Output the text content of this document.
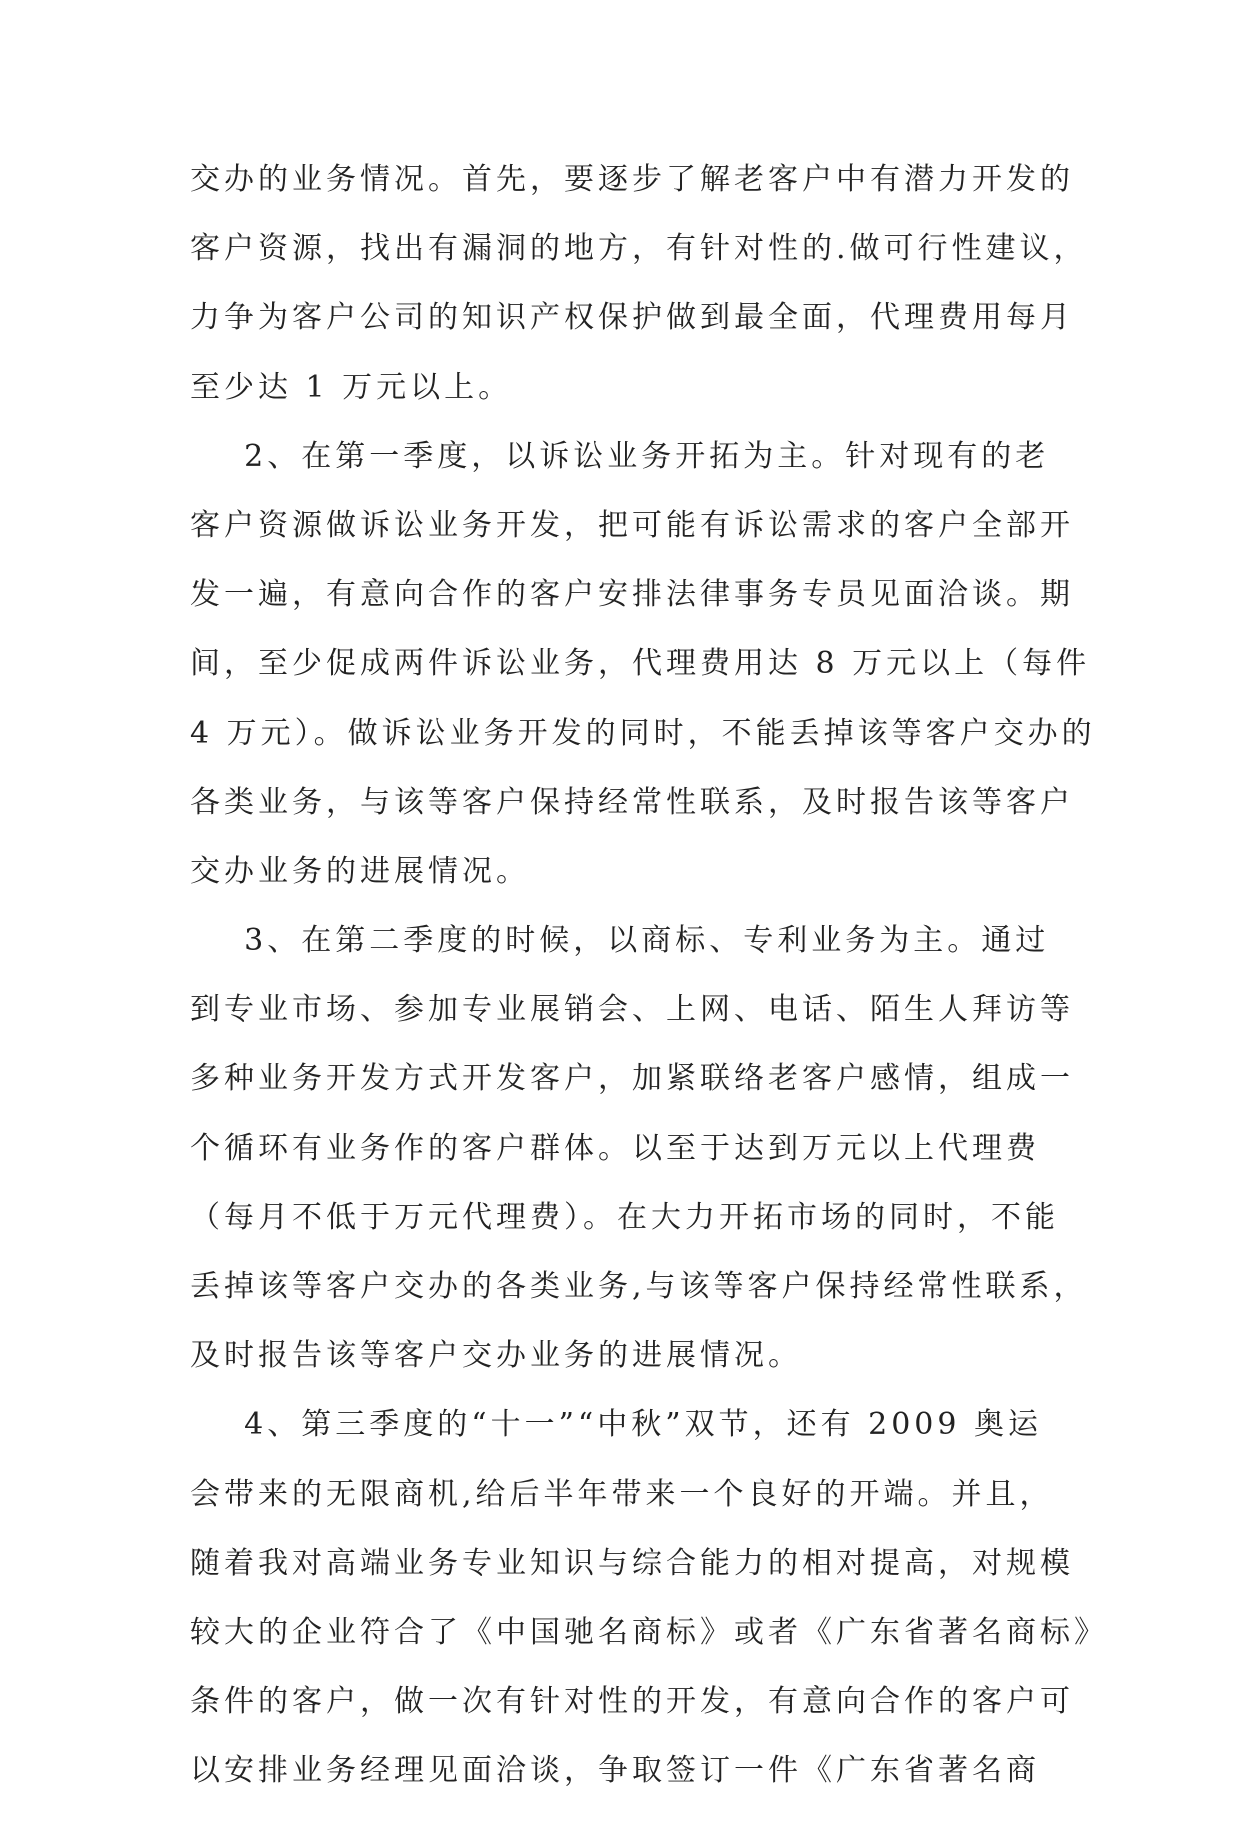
交办的业务情况。首先，要逐步了解老客户中有潜力开发的
客户资源，找出有漏洞的地方，有针对性的.做可行性建议，
力争为客户公司的知识产权保护做到最全面，代理费用每月
至少达 1 万元以上。
2、在第一季度，以诉讼业务开拓为主。针对现有的老
客户资源做诉讼业务开发，把可能有诉讼需求的客户全部开
发一遍，有意向合作的客户安排法律事务专员见面洽谈。期
间，至少促成两件诉讼业务，代理费用达 8 万元以上（每件
4 万元）。做诉讼业务开发的同时，不能丢掉该等客户交办的
各类业务，与该等客户保持经常性联系，及时报告该等客户
交办业务的进展情况。
3、在第二季度的时候，以商标、专利业务为主。通过
到专业市场、参加专业展销会、上网、电话、陌生人拜访等
多种业务开发方式开发客户，加紧联络老客户感情，组成一
个循环有业务作的客户群体。以至于达到万元以上代理费
（每月不低于万元代理费）。在大力开拓市场的同时，不能
丢掉该等客户交办的各类业务,与该等客户保持经常性联系，
及时报告该等客户交办业务的进展情况。
4、第三季度的“十一”“中秋”双节，还有 2009 奥运
会带来的无限商机,给后半年带来一个良好的开端。并且，
随着我对高端业务专业知识与综合能力的相对提高，对规模
较大的企业符合了《中国驰名商标》或者《广东省著名商标》
条件的客户，做一次有针对性的开发，有意向合作的客户可
以安排业务经理见面洽谈，争取签订一件《广东省著名商
